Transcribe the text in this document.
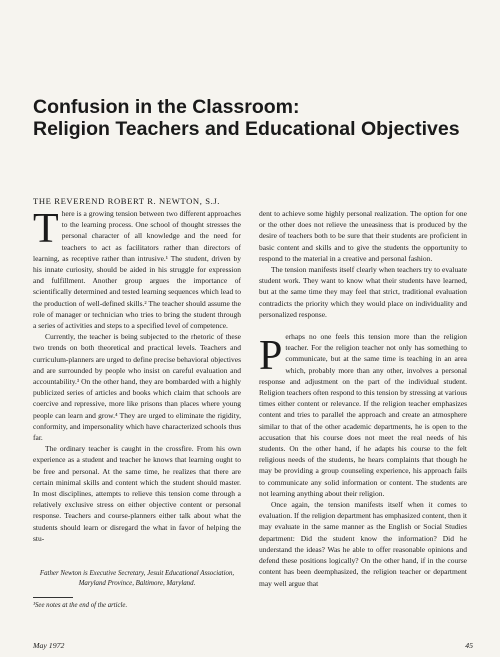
Confusion in the Classroom:
Religion Teachers and Educational Objectives
THE REVEREND ROBERT R. NEWTON, S.J.

There is a growing tension between two different approaches to the learning process. One school of thought stresses the personal character of all knowledge and the need for teachers to act as facilitators rather than directors of learning, as receptive rather than intrusive.¹ The student, driven by his innate curiosity, should be aided in his struggle for expression and fulfillment. Another group argues the importance of scientifically determined and tested learning sequences which lead to the production of well-defined skills.² The teacher should assume the role of manager or technician who tries to bring the student through a series of activities and steps to a specified level of competence.

Currently, the teacher is being subjected to the rhetoric of these two trends on both theoretical and practical levels. Teachers and curriculum-planners are urged to define precise behavioral objectives and are surrounded by people who insist on careful evaluation and accountability.³ On the other hand, they are bombarded with a highly publicized series of articles and books which claim that schools are coercive and repressive, more like prisons than places where young people can learn and grow.⁴ They are urged to eliminate the rigidity, conformity, and impersonality which have characterized schools thus far.

The ordinary teacher is caught in the crossfire. From his own experience as a student and teacher he knows that learning ought to be free and personal. At the same time, he realizes that there are certain minimal skills and content which the student should master. In most disciplines, attempts to relieve this tension come through a relatively exclusive stress on either objective content or personal response. Teachers and course-planners either talk about what the students should learn or disregard the what in favor of helping the stu-

dent to achieve some highly personal realization. The option for one or the other does not relieve the uneasiness that is produced by the desire of teachers both to be sure that their students are proficient in basic content and skills and to give the students the opportunity to respond to the material in a creative and personal fashion.

The tension manifests itself clearly when teachers try to evaluate student work. They want to know what their students have learned, but at the same time they may feel that strict, traditional evaluation contradicts the priority which they would place on individuality and personalized response.

Perhaps no one feels this tension more than the religion teacher. For the religion teacher not only has something to communicate, but at the same time is teaching in an area which, probably more than any other, involves a personal response and adjustment on the part of the individual student. Religion teachers often respond to this tension by stressing at various times either content or relevance. If the religion teacher emphasizes content and tries to parallel the approach and create an atmosphere similar to that of the other academic departments, he is open to the accusation that his course does not meet the real needs of his students. On the other hand, if he adapts his course to the felt religious needs of the students, he hears complaints that though he may be providing a group counseling experience, his approach fails to communicate any solid information or content. The students are not learning anything about their religion.

Once again, the tension manifests itself when it comes to evaluation. If the religion department has emphasized content, then it may evaluate in the same manner as the English or Social Studies department: Did the student know the information? Did he understand the ideas? Was he able to offer reasonable opinions and defend these positions logically? On the other hand, if in the course content has been deemphasized, the religion teacher or department may well argue that

Father Newton is Executive Secretary, Jesuit Educational Association, Maryland Province, Baltimore, Maryland.
¹See notes at the end of the article.
May 1972	45
